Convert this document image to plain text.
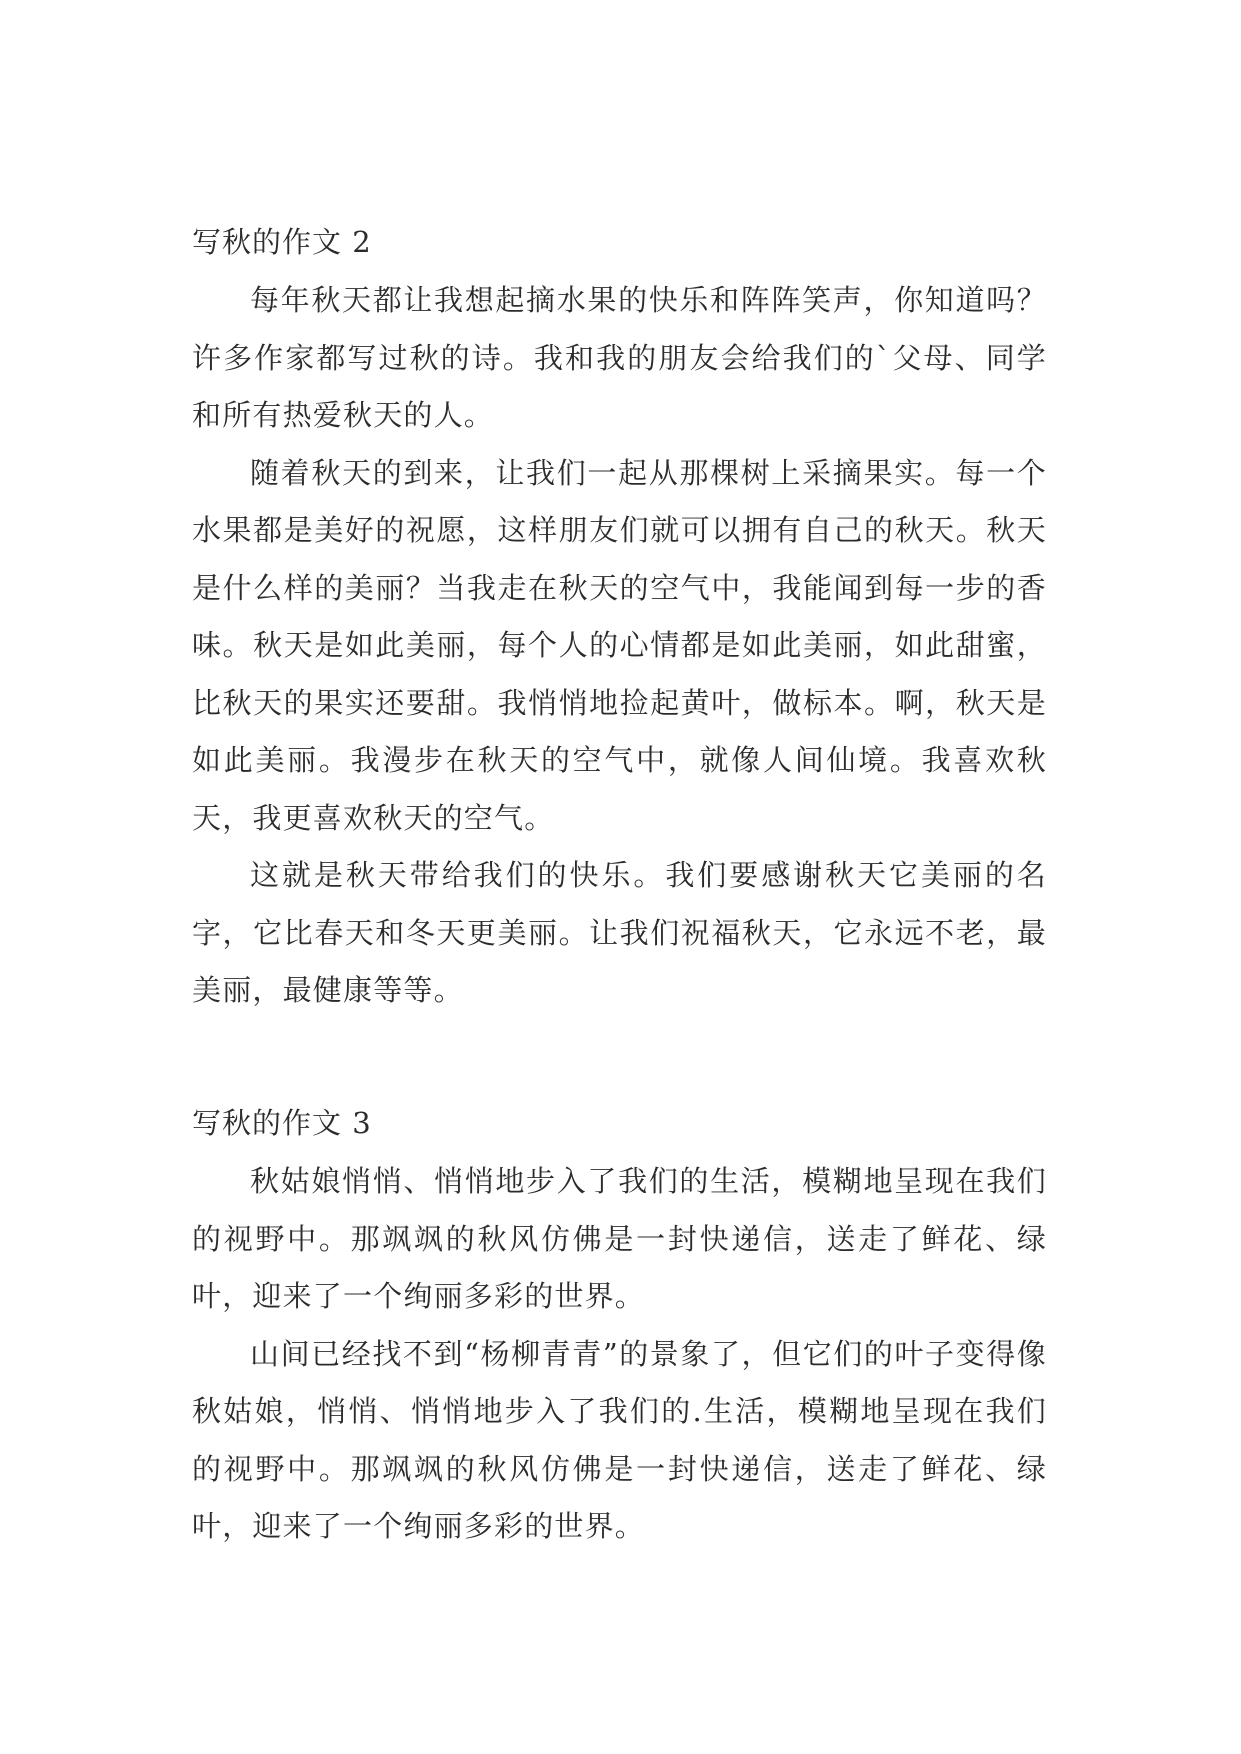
写秋的作文 2

每年秋天都让我想起摘水果的快乐和阵阵笑声，你知道吗？许多作家都写过秋的诗。我和我的朋友会给我们的`父母、同学和所有热爱秋天的人。

随着秋天的到来，让我们一起从那棵树上采摘果实。每一个水果都是美好的祝愿，这样朋友们就可以拥有自己的秋天。秋天是什么样的美丽？当我走在秋天的空气中，我能闻到每一步的香味。秋天是如此美丽，每个人的心情都是如此美丽，如此甜蜜，比秋天的果实还要甜。我悄悄地捡起黄叶，做标本。啊，秋天是如此美丽。我漫步在秋天的空气中，就像人间仙境。我喜欢秋天，我更喜欢秋天的空气。

这就是秋天带给我们的快乐。我们要感谢秋天它美丽的名字，它比春天和冬天更美丽。让我们祝福秋天，它永远不老，最美丽，最健康等等。

写秋的作文 3

秋姑娘悄悄、悄悄地步入了我们的生活，模糊地呈现在我们的视野中。那飒飒的秋风仿佛是一封快递信，送走了鲜花、绿叶，迎来了一个绚丽多彩的世界。

山间已经找不到“杨柳青青”的景象了，但它们的叶子变得像秋姑娘，悄悄、悄悄地步入了我们的.生活，模糊地呈现在我们的视野中。那飒飒的秋风仿佛是一封快递信，送走了鲜花、绿叶，迎来了一个绚丽多彩的世界。
